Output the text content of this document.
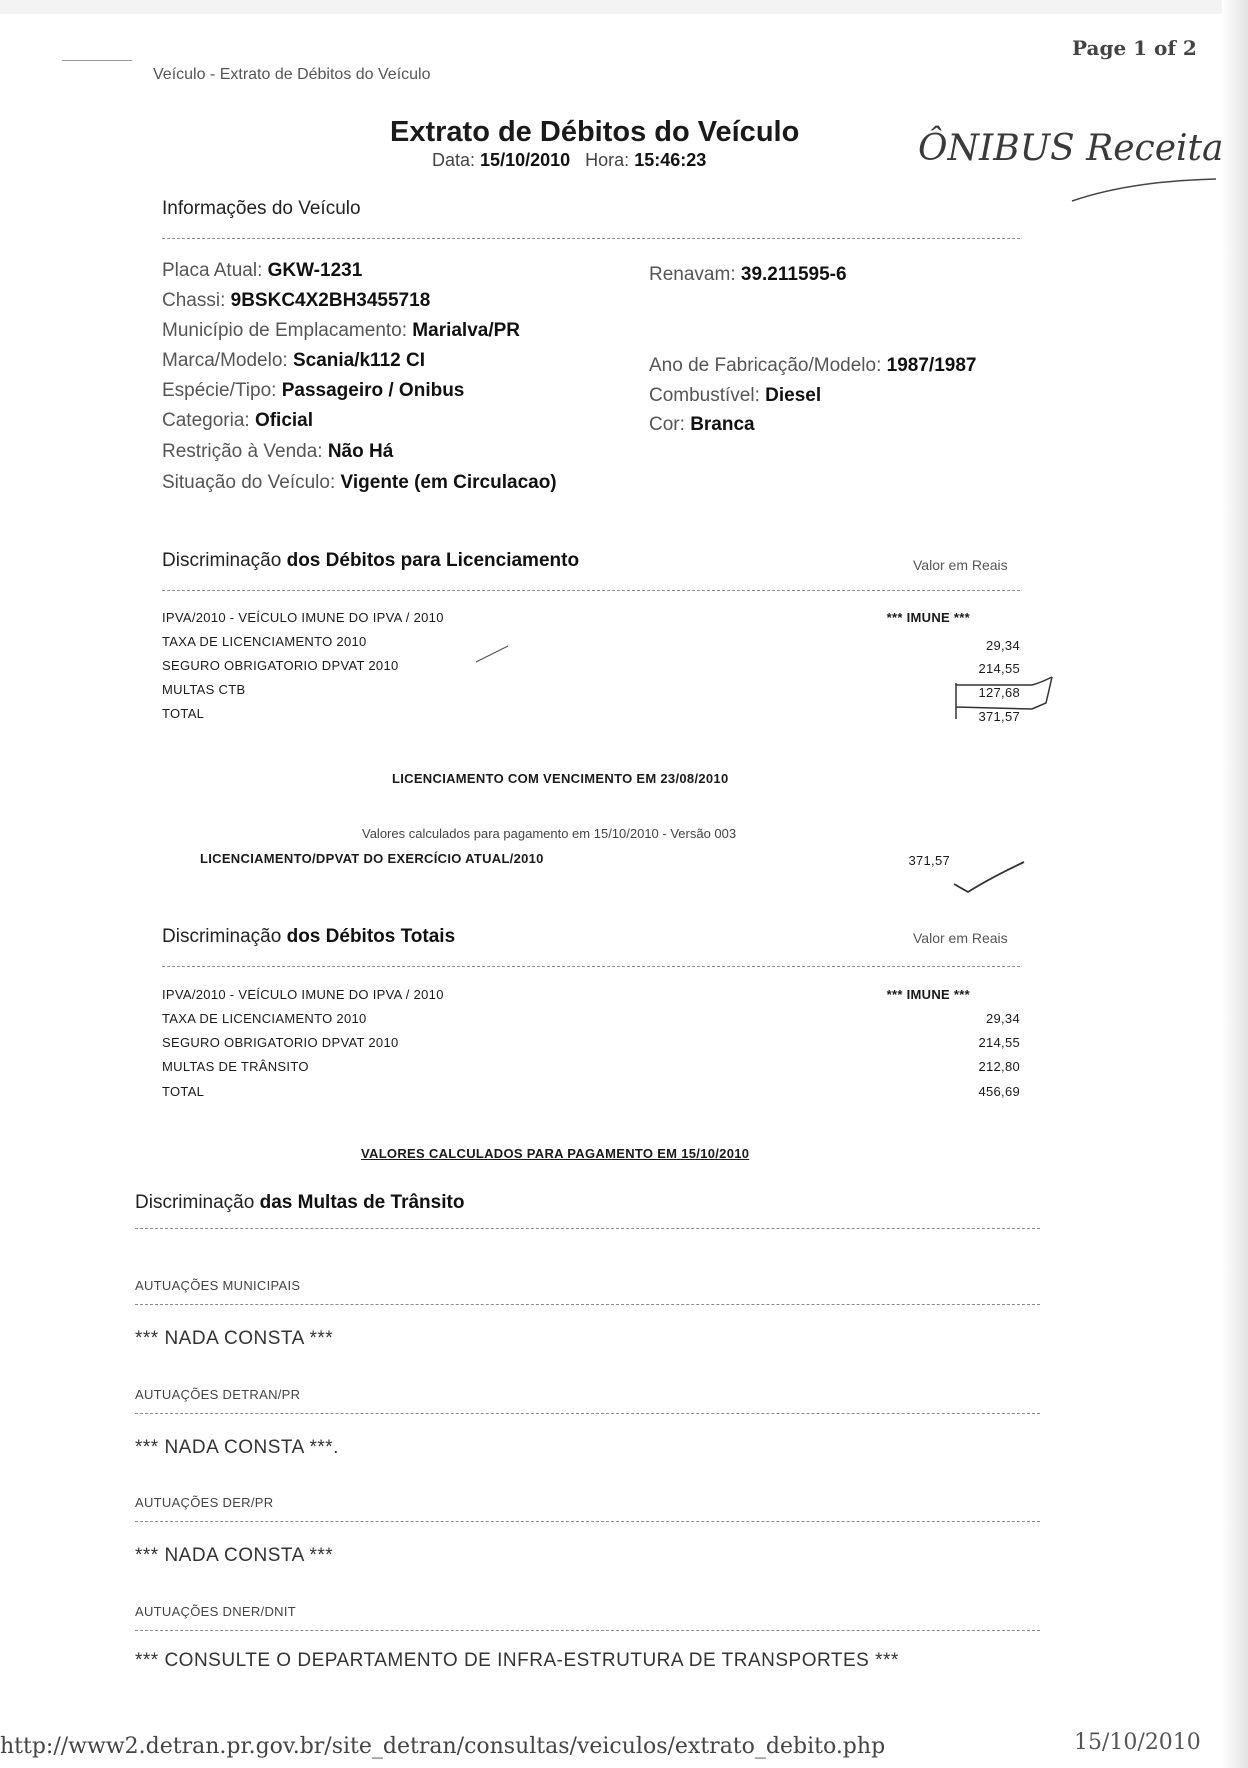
Veículo - Extrato de Débitos do Veículo
Page 1 of 2
Extrato de Débitos do Veículo
Data: 15/10/2010 Hora: 15:46:23	ÔNIBUS Receita
Informações do Veículo
Placa Atual: GKW-1231	Renavam: 39.211595-6
Chassi: 9BSKC4X2BH3455718
Município de Emplacamento: Marialva/PR
Marca/Modelo: Scania/k112 CI	Ano de Fabricação/Modelo: 1987/1987
Espécie/Tipo: Passageiro / Onibus	Combustível: Diesel
Categoria: Oficial	Cor: Branca
Restrição à Venda: Não Há
Situação do Veículo: Vigente (em Circulacao)
Discriminação dos Débitos para Licenciamento	Valor em Reais
IPVA/2010 - VEÍCULO IMUNE DO IPVA / 2010	*** IMUNE ***
TAXA DE LICENCIAMENTO 2010	29,34
SEGURO OBRIGATORIO DPVAT 2010	214,55
MULTAS CTB	127,68
TOTAL	371,57
LICENCIAMENTO COM VENCIMENTO EM 23/08/2010
Valores calculados para pagamento em 15/10/2010 - Versão 003
LICENCIAMENTO/DPVAT DO EXERCÍCIO ATUAL/2010	371,57
Discriminação dos Débitos Totais	Valor em Reais
IPVA/2010 - VEÍCULO IMUNE DO IPVA / 2010	*** IMUNE ***
TAXA DE LICENCIAMENTO 2010	29,34
SEGURO OBRIGATORIO DPVAT 2010	214,55
MULTAS DE TRÂNSITO	212,80
TOTAL	456,69
VALORES CALCULADOS PARA PAGAMENTO EM 15/10/2010
Discriminação das Multas de Trânsito
AUTUAÇÕES MUNICIPAIS
*** NADA CONSTA ***
AUTUAÇÕES DETRAN/PR
*** NADA CONSTA ***.
AUTUAÇÕES DER/PR
*** NADA CONSTA ***
AUTUAÇÕES DNER/DNIT
*** CONSULTE O DEPARTAMENTO DE INFRA-ESTRUTURA DE TRANSPORTES ***
http://www2.detran.pr.gov.br/site_detran/consultas/veiculos/extrato_debito.php	15/10/2010
